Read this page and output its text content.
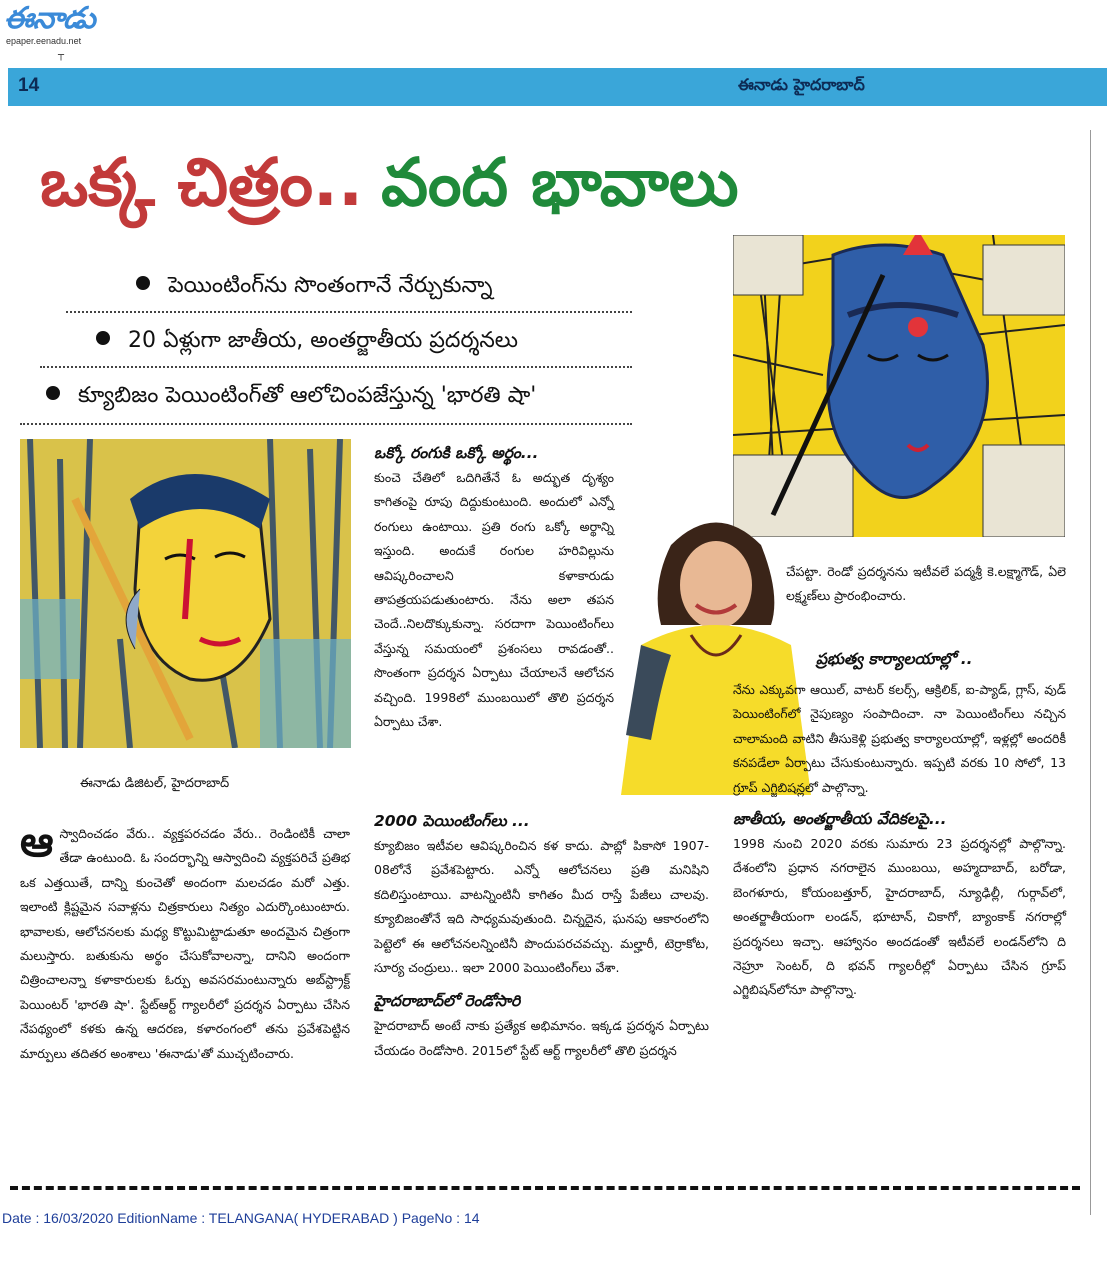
ఈనాడు
epaper.eenadu.net
┬
14	ఈనాడు హైదరాబాద్
ఒక్క చిత్రం.. వంద భావాలు
పెయింటింగ్‌ను సొంతంగానే నేర్చుకున్నా
20 ఏళ్లుగా జాతీయ, అంతర్జాతీయ ప్రదర్శనలు
క్యూబిజం పెయింటింగ్‌తో ఆలోచింపజేస్తున్న 'భారతి షా'
ఈనాడు డిజిటల్‌, హైదరాబాద్‌
ఆ స్వాదించడం వేరు.. వ్యక్తపరచడం వేరు.. రెండింటికీ చాలా తేడా ఉంటుంది. ఓ సందర్భాన్ని ఆస్వాదించి వ్యక్తపరిచే ప్రతిభ ఒక ఎత్తయితే, దాన్ని కుంచెతో అందంగా మలచడం మరో ఎత్తు. ఇలాంటి క్లిష్టమైన సవాళ్లను చిత్రకారులు నిత్యం ఎదుర్కొంటుంటారు. భావాలకు, ఆలోచనలకు మధ్య కొట్టుమిట్టాడుతూ అందమైన చిత్రంగా మలుస్తారు. బతుకును అర్థం చేసుకోవాలన్నా, దానిని అందంగా చిత్రించాలన్నా కళాకారులకు ఓర్పు అవసరమంటున్నారు అబ్‌స్ట్రాక్ట్‌ పెయింటర్‌ 'భారతి షా'. స్టేట్‌ఆర్ట్‌ గ్యాలరీలో ప్రదర్శన ఏర్పాటు చేసిన నేపథ్యంలో కళకు ఉన్న ఆదరణ, కళారంగంలో తను ప్రవేశపెట్టిన మార్పులు తదితర అంశాలు 'ఈనాడు'తో ముచ్చటించారు.

ఒక్కో రంగుకి ఒక్కో అర్థం...

కుంచె చేతిలో ఒదిగితేనే ఓ అద్భుత దృశ్యం కాగితంపై రూపు దిద్దుకుంటుంది. అందులో ఎన్నో రంగులు ఉంటాయి. ప్రతి రంగు ఒక్కో అర్థాన్ని ఇస్తుంది. అందుకే రంగుల హరివిల్లును ఆవిష్కరించాలని కళాకారుడు తాపత్రయపడుతుంటారు. నేను అలా తపన చెందే..నిలదొక్కుకున్నా. సరదాగా పెయింటింగ్‌లు వేస్తున్న సమయంలో ప్రశంసలు రావడంతో.. సొంతంగా ప్రదర్శన ఏర్పాటు చేయాలనే ఆలోచన వచ్చింది. 1998లో ముంబయిలో తొలి ప్రదర్శన ఏర్పాటు చేశా.

2000 పెయింటింగ్‌లు ...

క్యూబిజం ఇటీవల ఆవిష్కరించిన కళ కాదు. పాబ్లో పికాసో 1907-08లోనే ప్రవేశపెట్టారు. ఎన్నో ఆలోచనలు ప్రతి మనిషిని కదిలిస్తుంటాయి. వాటన్నింటినీ కాగితం మీద రాస్తే పేజీలు చాలవు. క్యూబిజంతోనే ఇది సాధ్యమవుతుంది. చిన్నదైన, ఘనపు ఆకారంలోని పెట్టెలో ఈ ఆలోచనలన్నింటినీ పొందుపరచవచ్చు. మల్హారీ, టెర్రాకోట, సూర్య చంద్రులు.. ఇలా 2000 పెయింటింగ్‌లు వేశా.

హైదరాబాద్‌లో రెండోసారి

హైదరాబాద్‌ అంటే నాకు ప్రత్యేక అభిమానం. ఇక్కడ ప్రదర్శన ఏర్పాటు చేయడం రెండోసారి. 2015లో స్టేట్‌ ఆర్ట్‌ గ్యాలరీలో తొలి ప్రదర్శన

చేపట్టా. రెండో ప్రదర్శనను ఇటీవలే పద్మశ్రీ కె.లక్ష్మాగౌడ్‌, ఏలె లక్ష్మణ్‌లు ప్రారంభించారు.

ప్రభుత్వ కార్యాలయాల్లో ..

నేను ఎక్కువగా ఆయిల్‌, వాటర్‌ కలర్స్‌, ఆక్రిలిక్‌, ఐ-ప్యాడ్‌, గ్లాస్‌, వుడ్‌ పెయింటింగ్‌లో నైపుణ్యం సంపాదించా. నా పెయింటింగ్‌లు నచ్చిన చాలామంది వాటిని తీసుకెళ్లి ప్రభుత్వ కార్యాలయాల్లో, ఇళ్లల్లో అందరికీ కనపడేలా ఏర్పాటు చేసుకుంటున్నారు. ఇప్పటి వరకు 10 సోలో, 13 గ్రూప్‌ ఎగ్జిబిషన్లలో పాల్గొన్నా.

జాతీయ, అంతర్జాతీయ వేదికలపై...

1998 నుంచి 2020 వరకు సుమారు 23 ప్రదర్శనల్లో పాల్గొన్నా. దేశంలోని ప్రధాన నగరాలైన ముంబయి, అహ్మదాబాద్‌, బరోడా, బెంగళూరు, కోయంబత్తూర్‌, హైదరాబాద్‌, న్యూఢిల్లీ, గుర్గావ్‌లో, అంతర్జాతీయంగా లండన్‌, భూటాన్‌, చికాగో, బ్యాంకాక్‌ నగరాల్లో ప్రదర్శనలు ఇచ్చా. ఆహ్వానం అందడంతో ఇటీవలే లండన్‌లోని ది నెహ్రూ సెంటర్‌, ది భవన్‌ గ్యాలరీల్లో ఏర్పాటు చేసిన గ్రూప్‌ ఎగ్జిబిషన్‌లోనూ పాల్గొన్నా.

Date : 16/03/2020 EditionName : TELANGANA( HYDERABAD ) PageNo : 14
